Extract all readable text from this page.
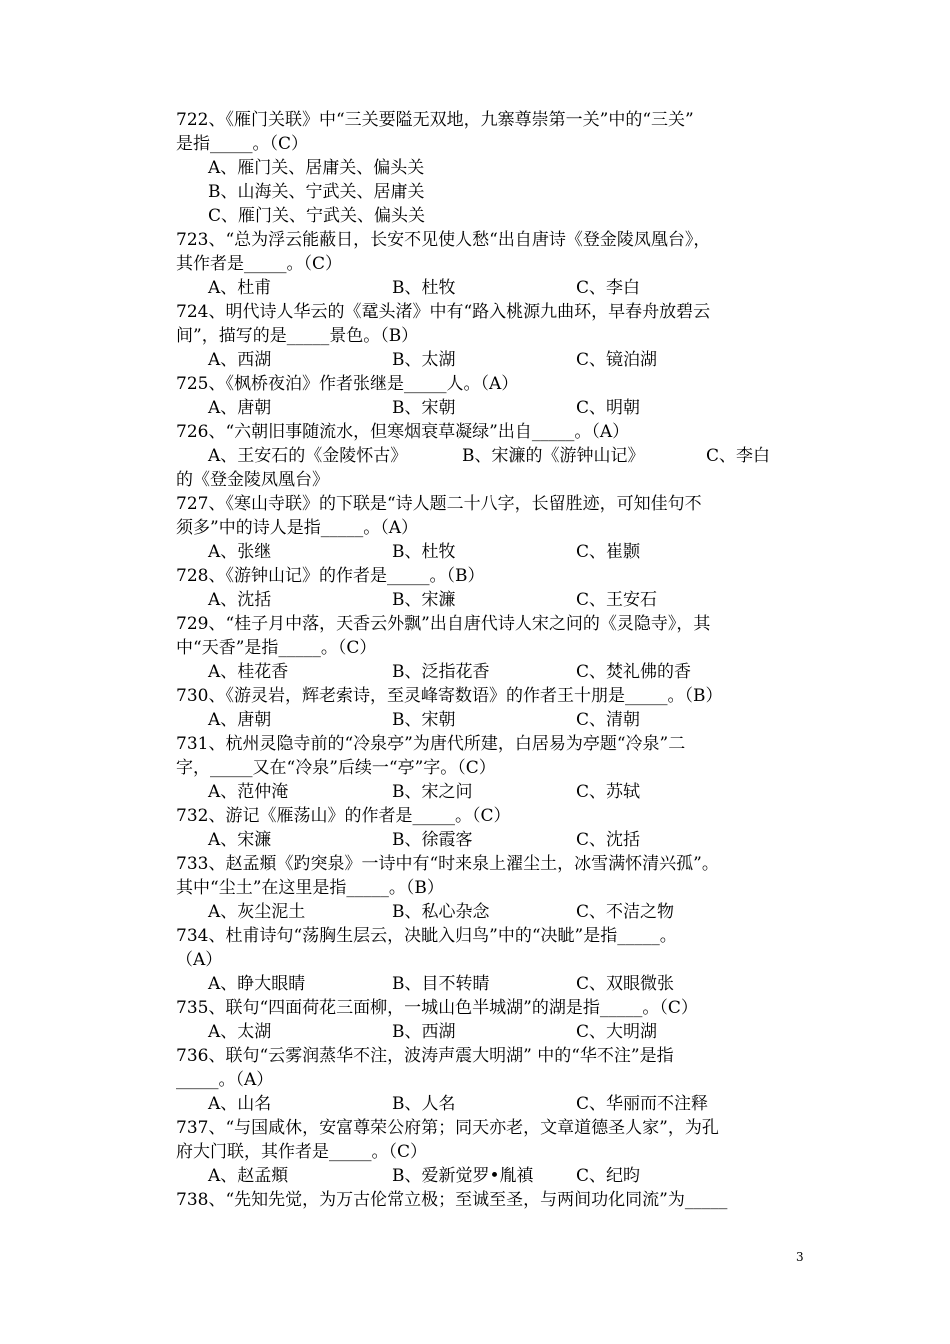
722、《雁门关联》中“三关要隘无双地，九寨尊崇第一关”中的“三关”
是指_____。（C）
A、雁门关、居庸关、偏头关
B、山海关、宁武关、居庸关
C、雁门关、宁武关、偏头关
723、“总为浮云能蔽日，长安不见使人愁“出自唐诗《登金陵凤凰台》，
其作者是_____。（C）
A、杜甫	B、杜牧	C、李白
724、明代诗人华云的《鼋头渚》中有“路入桃源九曲环，早春舟放碧云
间”，描写的是_____景色。（B）
A、西湖	B、太湖	C、镜泊湖
725、《枫桥夜泊》作者张继是_____人。（A）
A、唐朝	B、宋朝	C、明朝
726、“六朝旧事随流水，但寒烟衰草凝绿”出自_____。（A）
A、王安石的《金陵怀古》	B、宋濂的《游钟山记》	C、李白
的《登金陵凤凰台》
727、《寒山寺联》的下联是“诗人题二十八字，长留胜迹，可知佳句不
须多”中的诗人是指_____。（A）
A、张继	B、杜牧	C、崔颢
728、《游钟山记》的作者是_____。（B）
A、沈括	B、宋濂	C、王安石
729、“桂子月中落，天香云外飘”出自唐代诗人宋之问的《灵隐寺》，其
中“天香”是指_____。（C）
A、桂花香	B、泛指花香	C、焚礼佛的香
730、《游灵岩，辉老索诗，至灵峰寄数语》的作者王十朋是_____。（B）
A、唐朝	B、宋朝	C、清朝
731、杭州灵隐寺前的“冷泉亭”为唐代所建，白居易为亭题“冷泉”二
字，_____又在“冷泉”后续一“亭”字。（C）
A、范仲淹	B、宋之问	C、苏轼
732、游记《雁荡山》的作者是_____。（C）
A、宋濂	B、徐霞客	C、沈括
733、赵孟頫《趵突泉》一诗中有“时来泉上濯尘土，冰雪满怀清兴孤”。
其中“尘土”在这里是指_____。（B）
A、灰尘泥土	B、私心杂念	C、不洁之物
734、杜甫诗句“荡胸生层云，决眦入归鸟”中的“决眦”是指_____。
（A）
A、睁大眼睛	B、目不转睛	C、双眼微张
735、联句“四面荷花三面柳，一城山色半城湖”的湖是指_____。（C）
A、太湖	B、西湖	C、大明湖
736、联句“云雾润蒸华不注，波涛声震大明湖” 中的“华不注”是指
_____。（A）
A、山名	B、人名	C、华丽而不注释
737、“与国咸休，安富尊荣公府第；同天亦老，文章道德圣人家”，为孔
府大门联，其作者是_____。（C）
A、赵孟頫	B、爱新觉罗•胤禛 C、纪昀
738、“先知先觉，为万古伦常立极；至诚至圣，与两间功化同流”为_____
3
